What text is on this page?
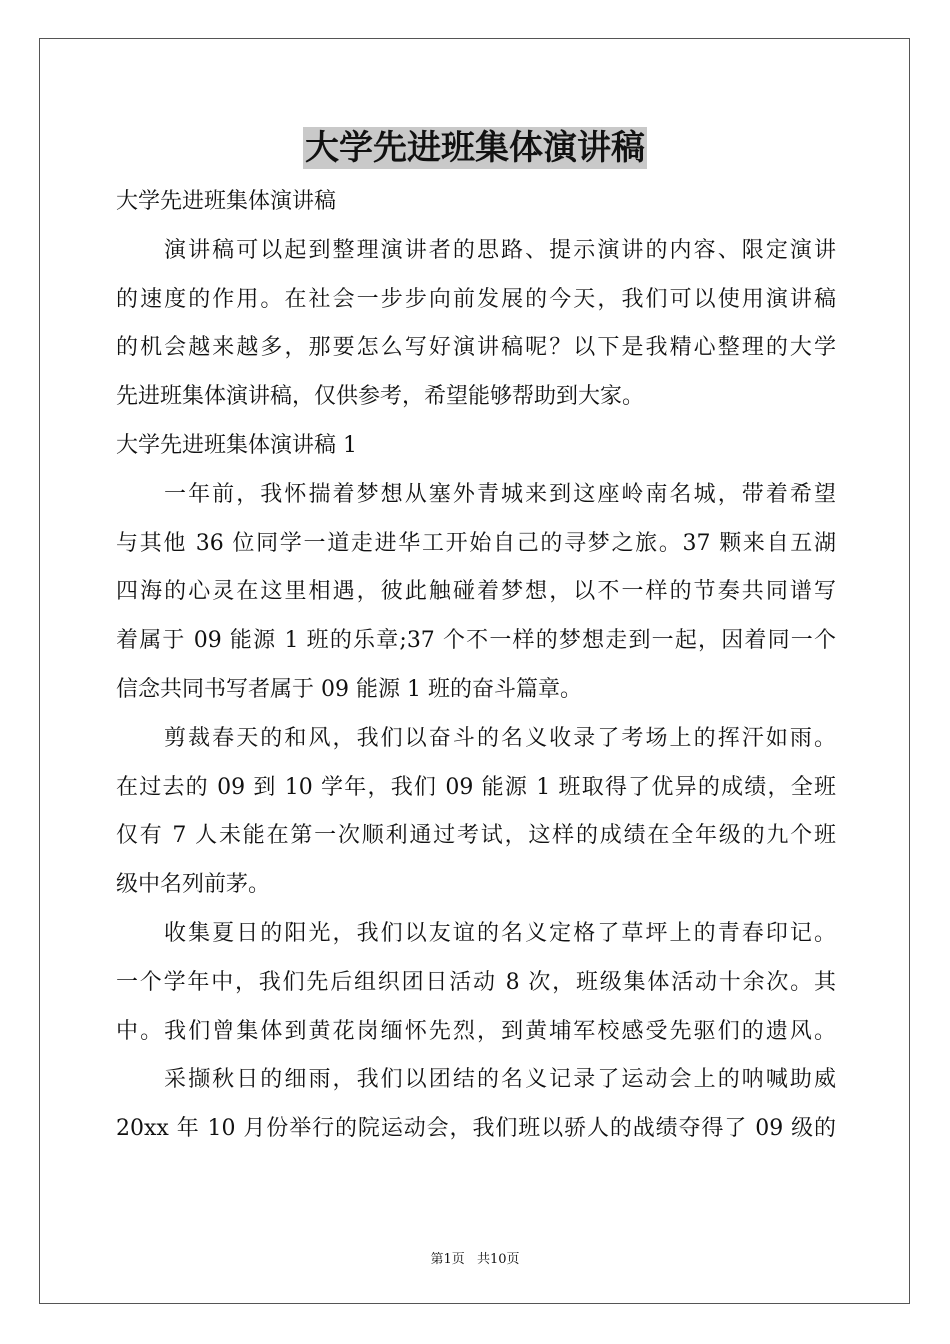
大学先进班集体演讲稿
大学先进班集体演讲稿
演讲稿可以起到整理演讲者的思路、提示演讲的内容、限定演讲
的速度的作用。在社会一步步向前发展的今天，我们可以使用演讲稿
的机会越来越多，那要怎么写好演讲稿呢？以下是我精心整理的大学
先进班集体演讲稿，仅供参考，希望能够帮助到大家。
大学先进班集体演讲稿 1
一年前，我怀揣着梦想从塞外青城来到这座岭南名城，带着希望
与其他 36 位同学一道走进华工开始自己的寻梦之旅。37 颗来自五湖
四海的心灵在这里相遇，彼此触碰着梦想，以不一样的节奏共同谱写
着属于 09 能源 1 班的乐章;37 个不一样的梦想走到一起，因着同一个
信念共同书写者属于 09 能源 1 班的奋斗篇章。
剪裁春天的和风，我们以奋斗的名义收录了考场上的挥汗如雨。
在过去的 09 到 10 学年，我们 09 能源 1 班取得了优异的成绩，全班
仅有 7 人未能在第一次顺利通过考试，这样的成绩在全年级的九个班
级中名列前茅。
收集夏日的阳光，我们以友谊的名义定格了草坪上的青春印记。
一个学年中，我们先后组织团日活动 8 次，班级集体活动十余次。其
中。我们曾集体到黄花岗缅怀先烈，到黄埔军校感受先驱们的遗风。
采撷秋日的细雨，我们以团结的名义记录了运动会上的呐喊助威
20xx 年 10 月份举行的院运动会，我们班以骄人的战绩夺得了 09 级的
第1页 共10页
